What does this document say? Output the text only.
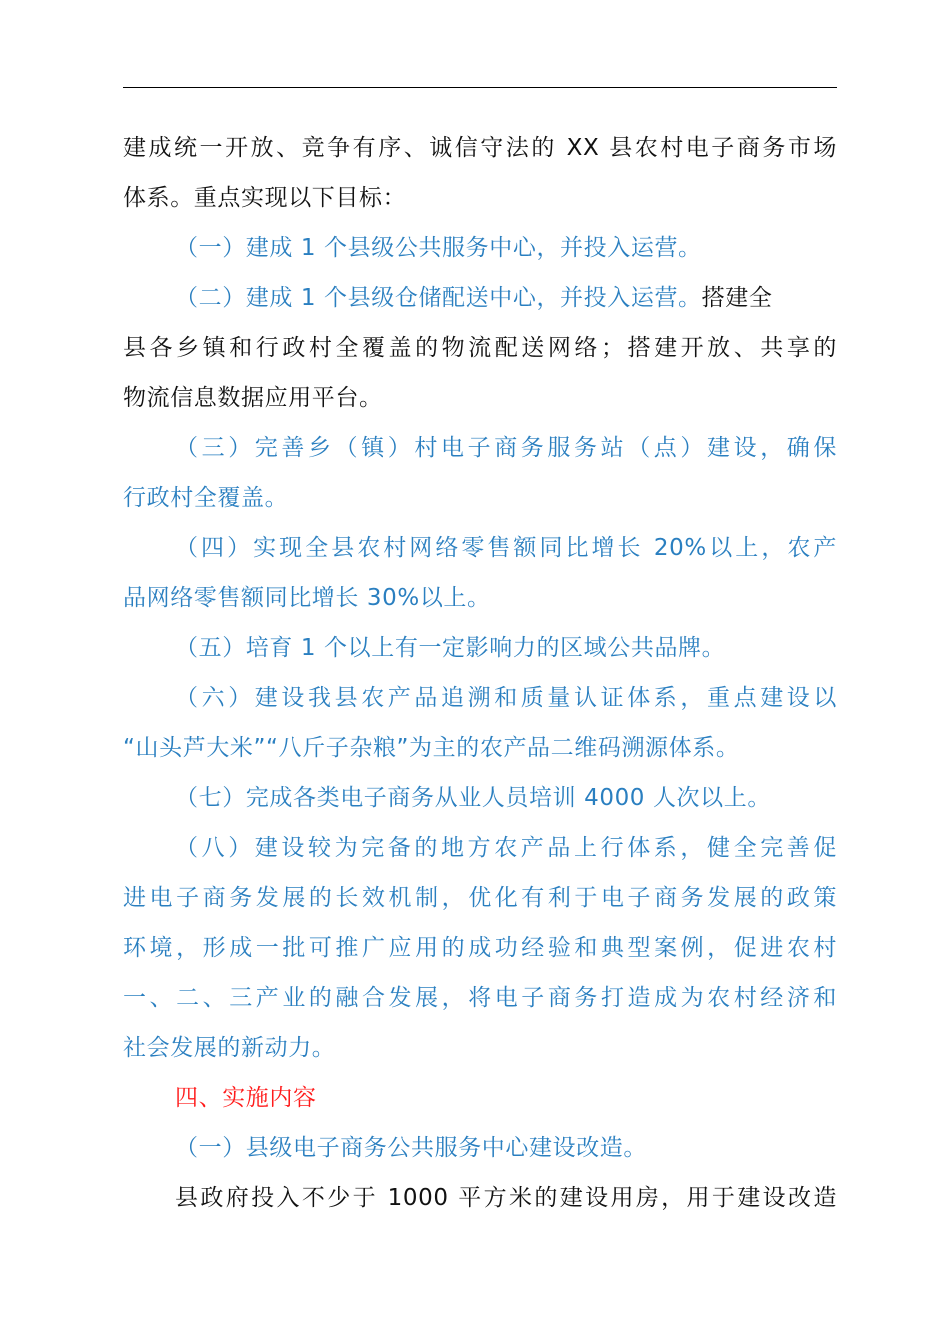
建成统一开放、竞争有序、诚信守法的 XX 县农村电子商务市场
体系。重点实现以下目标：
（一）建成 1 个县级公共服务中心，并投入运营。
（二）建成 1 个县级仓储配送中心，并投入运营。搭建全
县各乡镇和行政村全覆盖的物流配送网络；搭建开放、共享的
物流信息数据应用平台。
（三）完善乡（镇）村电子商务服务站（点）建设，确保
行政村全覆盖。
（四）实现全县农村网络零售额同比增长 20%以上，农产
品网络零售额同比增长 30%以上。
（五）培育 1 个以上有一定影响力的区域公共品牌。
（六）建设我县农产品追溯和质量认证体系，重点建设以
“山头芦大米”“八斤子杂粮”为主的农产品二维码溯源体系。
（七）完成各类电子商务从业人员培训 4000 人次以上。
（八）建设较为完备的地方农产品上行体系，健全完善促
进电子商务发展的长效机制，优化有利于电子商务发展的政策
环境，形成一批可推广应用的成功经验和典型案例，促进农村
一、二、三产业的融合发展，将电子商务打造成为农村经济和
社会发展的新动力。
四、实施内容
（一）县级电子商务公共服务中心建设改造。
县政府投入不少于 1000 平方米的建设用房，用于建设改造
